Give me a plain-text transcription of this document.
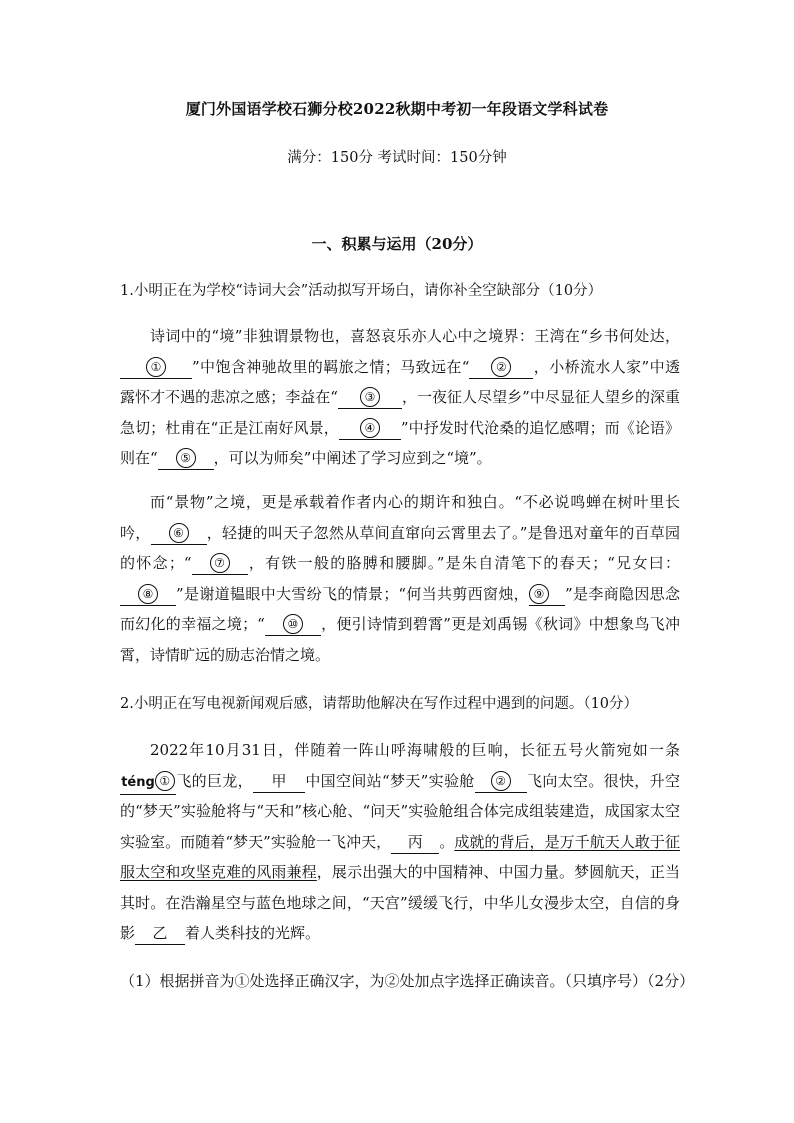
厦门外国语学校石狮分校2022秋期中考初一年段语文学科试卷
满分：150分 考试时间：150分钟
一、积累与运用（20分）
1.小明正在为学校“诗词大会”活动拟写开场白，请你补全空缺部分（10分）
诗词中的“境”非独谓景物也，喜怒哀乐亦人心中之境界：王湾在“乡书何处达，① ”中饱含神驰故里的羁旅之情；马致远在“ ② ，小桥流水人家”中透露怀才不遇的悲凉之感；李益在“ ③ ，一夜征人尽望乡”中尽显征人望乡的深重急切；杜甫在“正是江南好风景， ④ ”中抒发时代沧桑的追忆感喟；而《论语》则在“ ⑤ ，可以为师矣”中阐述了学习应到之“境”。
而“景物”之境，更是承载着作者内心的期许和独白。“不必说鸣蝉在树叶里长吟， ⑥ ，轻捷的叫天子忽然从草间直窜向云霄里去了。”是鲁迅对童年的百草园的怀念；“ ⑦ ，有铁一般的胳膊和腰脚。”是朱自清笔下的春天；“兄女曰：⑧ ”是谢道韫眼中大雪纷飞的情景；“何当共剪西窗烛， ⑨ ”是李商隐因思念而幻化的幸福之境；“ ⑩ ，便引诗情到碧霄”更是刘禹锡《秋词》中想象鸟飞冲霄，诗情旷远的励志治情之境。
2.小明正在写电视新闻观后感，请帮助他解决在写作过程中遇到的问题。（10分）
2022年10月31日，伴随着一阵山呼海啸般的巨响，长征五号火箭宛如一条téng ① 飞的巨龙， 甲 中国空间站“梦天”实验舱 ② 飞向太空。很快，升空的“梦天”实验舱将与“天和”核心舱、“问天”实验舱组合体完成组装建造，成国家太空实验室。而随着“梦天”实验舱一飞冲天， 丙 。成就的背后，是万千航天人敢于征服太空和攻坚克难的风雨兼程，展示出强大的中国精神、中国力量。梦圆航天，正当其时。在浩瀚星空与蓝色地球之间，“天宫”缓缓飞行，中华儿女漫步太空，自信的身影 乙 着人类科技的光辉。
（1）根据拼音为①处选择正确汉字，为②处加点字选择正确读音。（只填序号）（2分）
